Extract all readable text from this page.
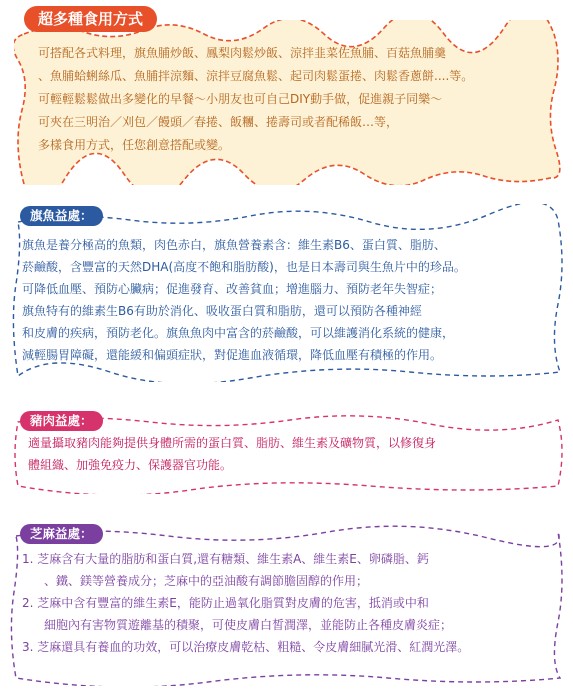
可搭配各式料理，旗魚脯炒飯、鳳梨肉鬆炒飯、涼拌韭菜佐魚脯、百菇魚脯羹
、魚脯蛤蜊絲瓜、魚脯拌涼麵、涼拌豆腐魚鬆、起司肉鬆蛋捲、肉鬆香蔥餅....等。
可輕輕鬆鬆做出多變化的早餐～小朋友也可自己DIY動手做，促進親子同樂～
可夾在三明治／刈包／饅頭／春捲、飯糰、捲壽司或者配稀飯…等，
多樣食用方式，任您創意搭配或變。
超多種食用方式
旗魚是養分極高的魚類，肉色赤白，旗魚營養素含：維生素B6、蛋白質、脂肪、
菸鹼酸，含豐富的天然DHA(高度不飽和脂肪酸)，也是日本壽司與生魚片中的珍品。
可降低血壓、預防心臟病；促進發育、改善貧血；增進腦力、預防老年失智症；
旗魚特有的維素生B6有助於消化、吸收蛋白質和脂肪，還可以預防各種神經
和皮膚的疾病，預防老化。旗魚魚肉中富含的菸鹼酸，可以維護消化系統的健康，
減輕腸胃障礙，還能緩和偏頭症狀，對促進血液循環，降低血壓有積極的作用。
旗魚益處：
適量攝取豬肉能夠提供身體所需的蛋白質、脂肪、維生素及礦物質，以修復身
體組織、加強免疫力、保護器官功能。
豬肉益處：
1. 芝麻含有大量的脂肪和蛋白質,還有糖類、維生素A、維生素E、卵磷脂、鈣
、鐵、鎂等營養成分；芝麻中的亞油酸有調節膽固醇的作用；
2. 芝麻中含有豐富的維生素E，能防止過氧化脂質對皮膚的危害，抵消或中和
細胞內有害物質遊離基的積聚，可使皮膚白皙潤澤，並能防止各種皮膚炎症；
3. 芝麻還具有養血的功效，可以治療皮膚乾枯、粗糙、令皮膚細膩光滑、紅潤光澤。
芝麻益處：
